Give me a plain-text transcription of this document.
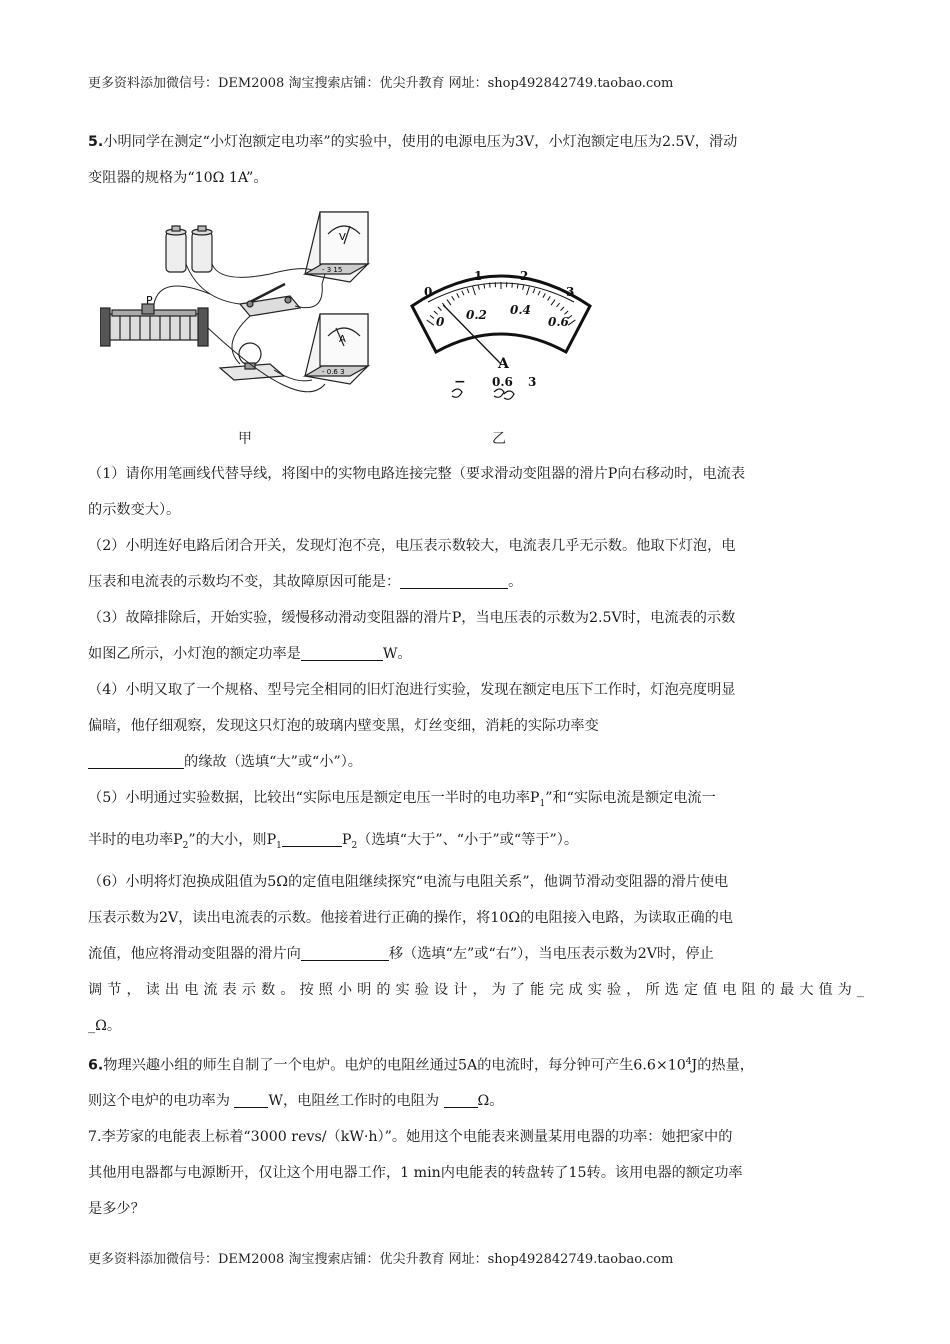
更多资料添加微信号：DEM2008 淘宝搜索店铺：优尖升教育 网址：shop492842749.taobao.com

5.小明同学在测定“小灯泡额定电功率”的实验中，使用的电源电压为3V，小灯泡额定电压为2.5V，滑动

变阻器的规格为“10Ω 1A”。

P
V
- 3 15
A
- 0.6 3
甲
0
1	2
3
0 0.2 0.4
0.6
A
− 0.6 3
乙

（1）请你用笔画线代替导线，将图中的实物电路连接完整（要求滑动变阻器的滑片P向右移动时，电流表

的示数变大）。

（2）小明连好电路后闭合开关，发现灯泡不亮，电压表示数较大，电流表几乎无示数。他取下灯泡，电

压表和电流表的示数均不变，其故障原因可能是：	。

（3）故障排除后，开始实验，缓慢移动滑动变阻器的滑片P，当电压表的示数为2.5V时，电流表的示数

如图乙所示，小灯泡的额定功率是	W。

（4）小明又取了一个规格、型号完全相同的旧灯泡进行实验，发现在额定电压下工作时，灯泡亮度明显

偏暗，他仔细观察，发现这只灯泡的玻璃内壁变黑，灯丝变细，消耗的实际功率变

的缘故（选填“大”或“小”）。

（5）小明通过实验数据，比较出“实际电压是额定电压一半时的电功率$P_1$”和“实际电流是额定电流一

半时的电功率$P_2$”的大小，则$P_1$	$P_2$（选填“大于”、“小于”或“等于”）。

（6）小明将灯泡换成阻值为5Ω的定值电阻继续探究“电流与电阻关系”，他调节滑动变阻器的滑片使电

压表示数为2V，读出电流表的示数。他接着进行正确的操作，将10Ω的电阻接入电路，为读取正确的电

流值，他应将滑动变阻器的滑片向	移（选填“左”或“右”），当电压表示数为2V时，停止

调节，读出电流表示数。按照小明的实验设计，为了能完成实验，所选定值电阻的最大值为_

_Ω。

6.物理兴趣小组的师生自制了一个电炉。电炉的电阻丝通过5A的电流时，每分钟可产生$6.6\times 10^4J$的热量，

则这个电炉的电功率为 W，电阻丝工作时的电阻为 Ω。

7.李芳家的电能表上标着“3000 revs/（kW·h）”。她用这个电能表来测量某用电器的功率：她把家中的

其他用电器都与电源断开，仅让这个用电器工作，1 min内电能表的转盘转了15转。该用电器的额定功率

是多少？

更多资料添加微信号：DEM2008 淘宝搜索店铺：优尖升教育 网址：shop492842749.taobao.com
